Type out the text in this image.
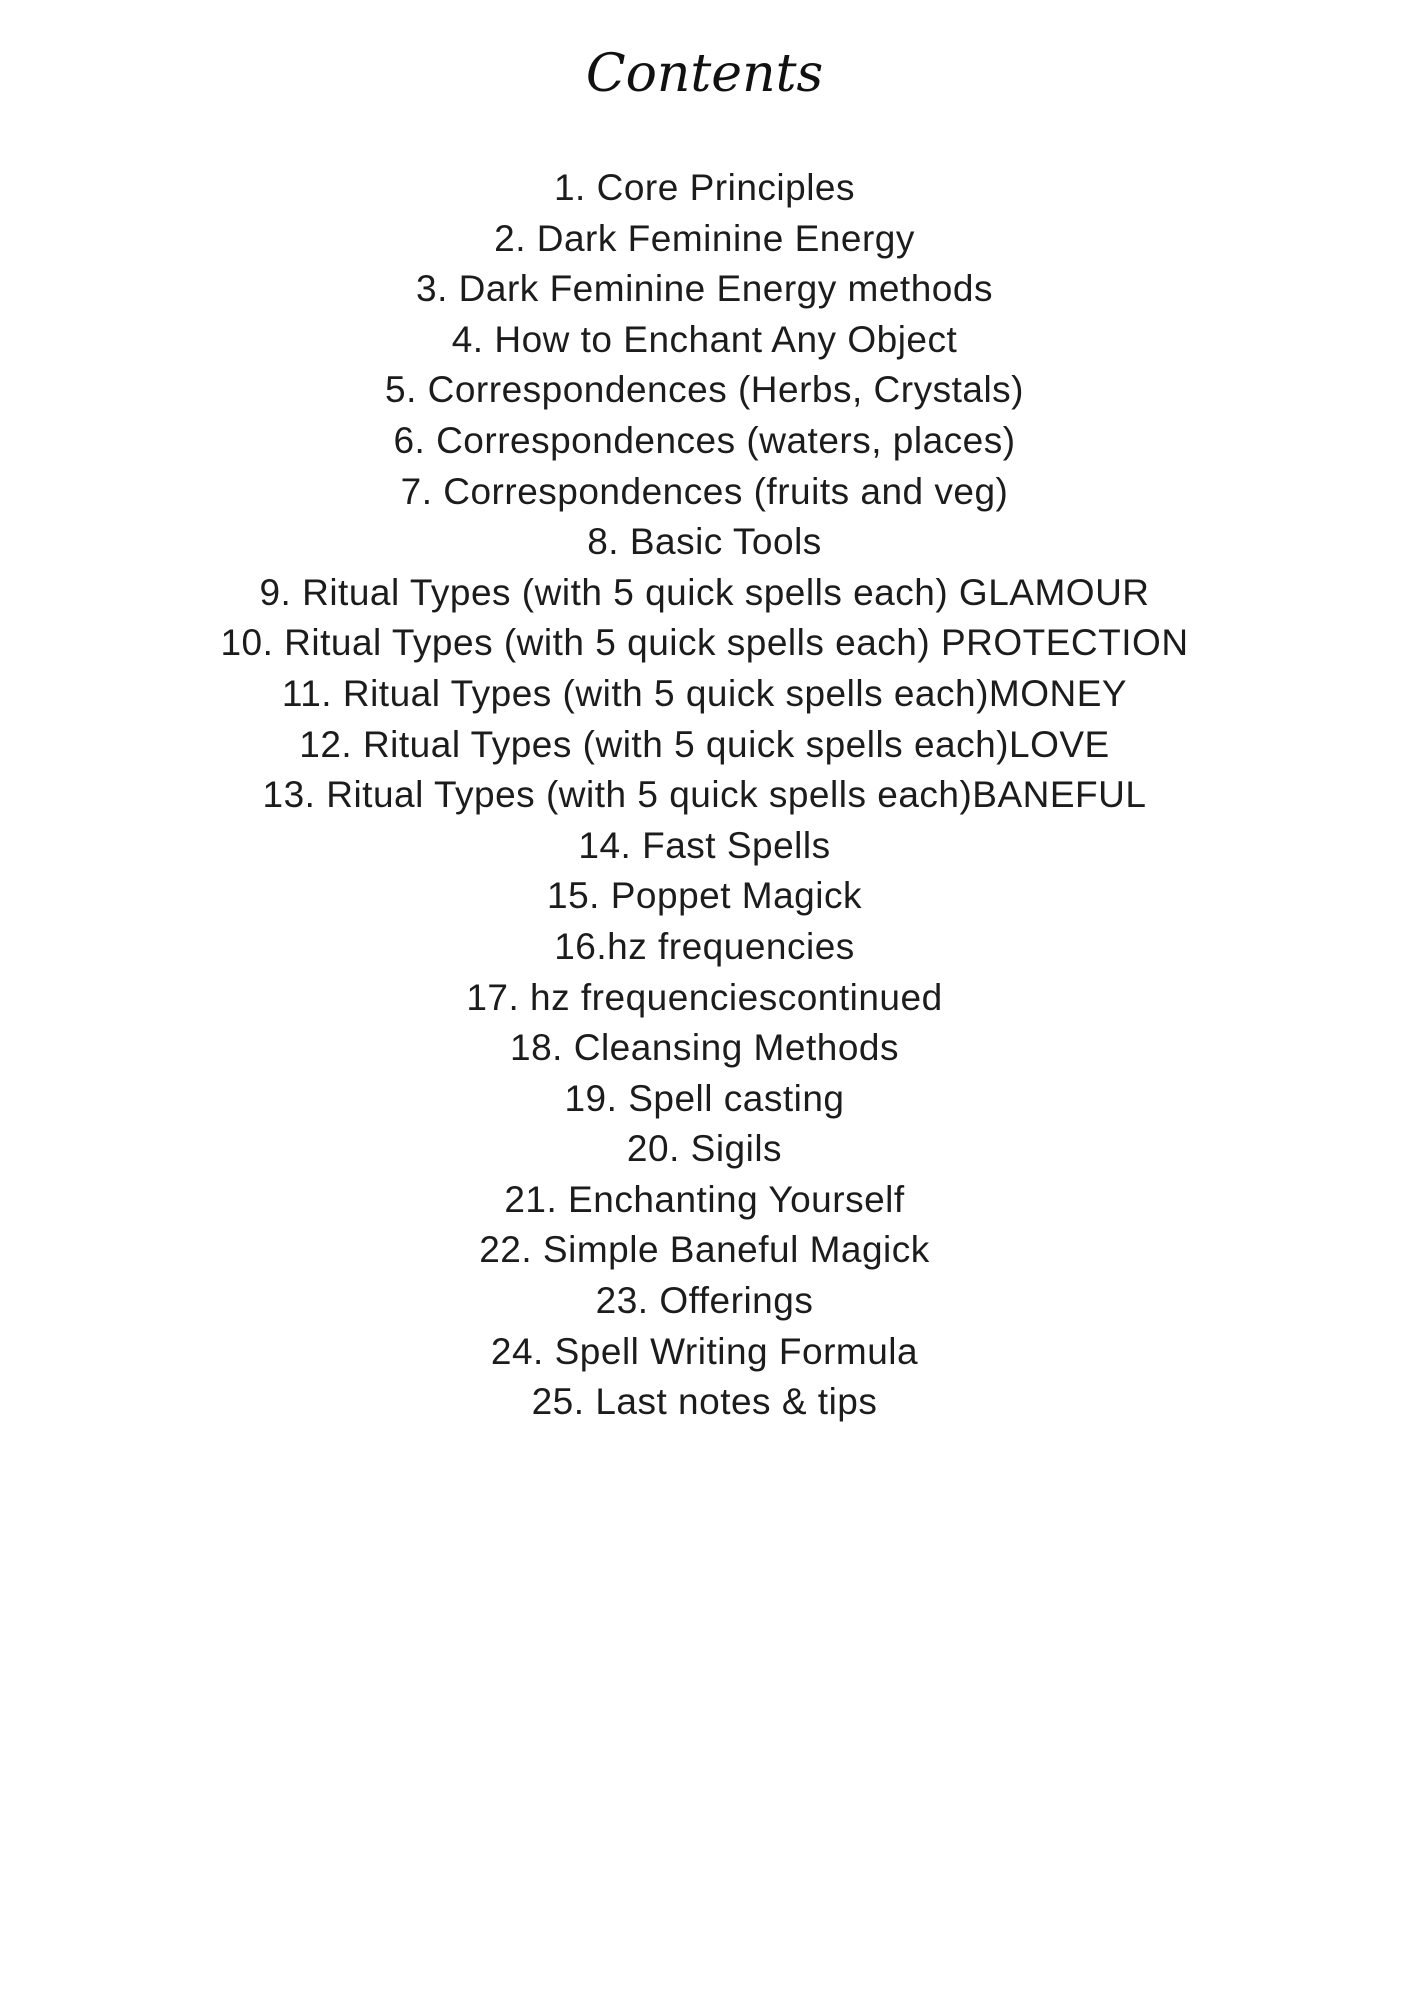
Contents
1. Core Principles
2. Dark Feminine Energy
3. Dark Feminine Energy methods
4. How to Enchant Any Object
5. Correspondences (Herbs, Crystals)
6. Correspondences (waters, places)
7. Correspondences (fruits and veg)
8. Basic Tools
9. Ritual Types (with 5 quick spells each) GLAMOUR
10. Ritual Types (with 5 quick spells each) PROTECTION
11. Ritual Types (with 5 quick spells each)MONEY
12. Ritual Types (with 5 quick spells each)LOVE
13. Ritual Types (with 5 quick spells each)BANEFUL
14. Fast Spells
15. Poppet Magick
16.hz frequencies
17. hz frequenciescontinued
18. Cleansing Methods
19. Spell casting
20. Sigils
21. Enchanting Yourself
22. Simple Baneful Magick
23. Offerings
24. Spell Writing Formula
25. Last notes & tips
